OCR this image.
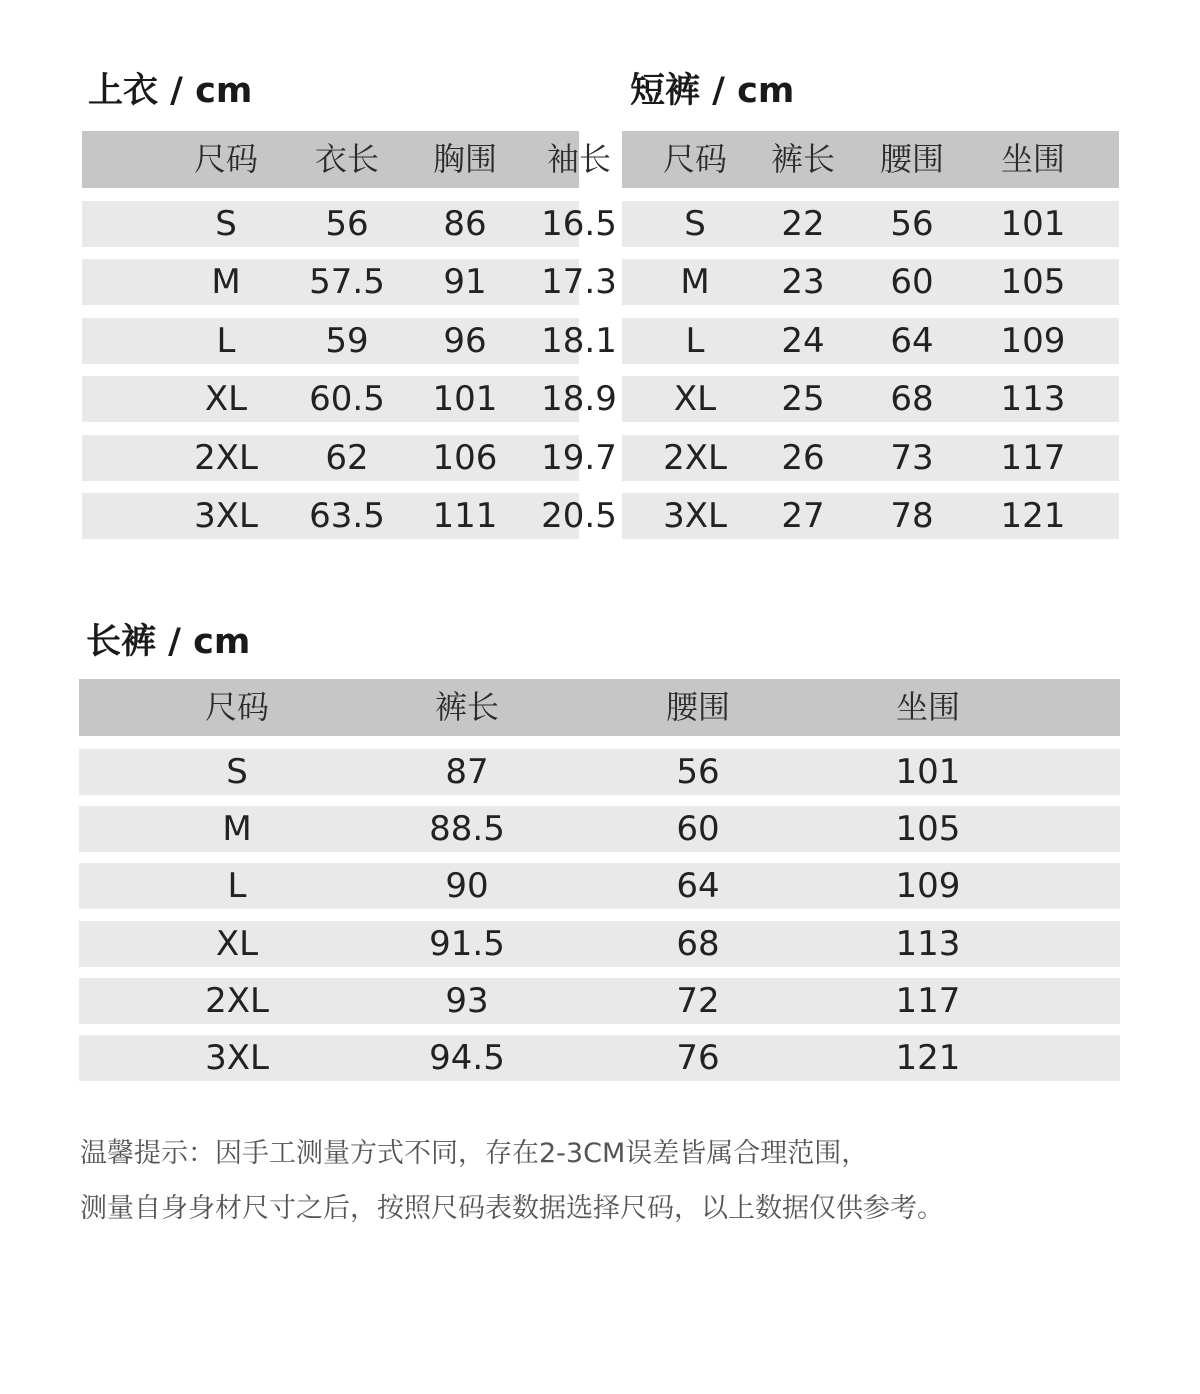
上衣 / cm
尺码 衣长 胸围 袖长
S	56 86 16.5
M 57.5 91 17.3
L	59 96 18.1
XL 60.5 101 18.9
2XL 62 106 19.7
3XL 63.5 111 20.5
短裤 / cm
尺码 裤长 腰围 坐围
S 22 56 101
M 23 60 105
L 24 64 109
XL 25 68 113
2XL 26 73 117
3XL 27 78 121
长裤 / cm
尺码	裤长	腰围	坐围
S	87	56	101
M	88.5	60	105
L	90	64	109
XL	91.5	68	113
2XL	93	72	117
3XL	94.5	76	121

温馨提示：因手工测量方式不同，存在2-3CM误差皆属合理范围，

测量自身身材尺寸之后，按照尺码表数据选择尺码，以上数据仅供参考。
